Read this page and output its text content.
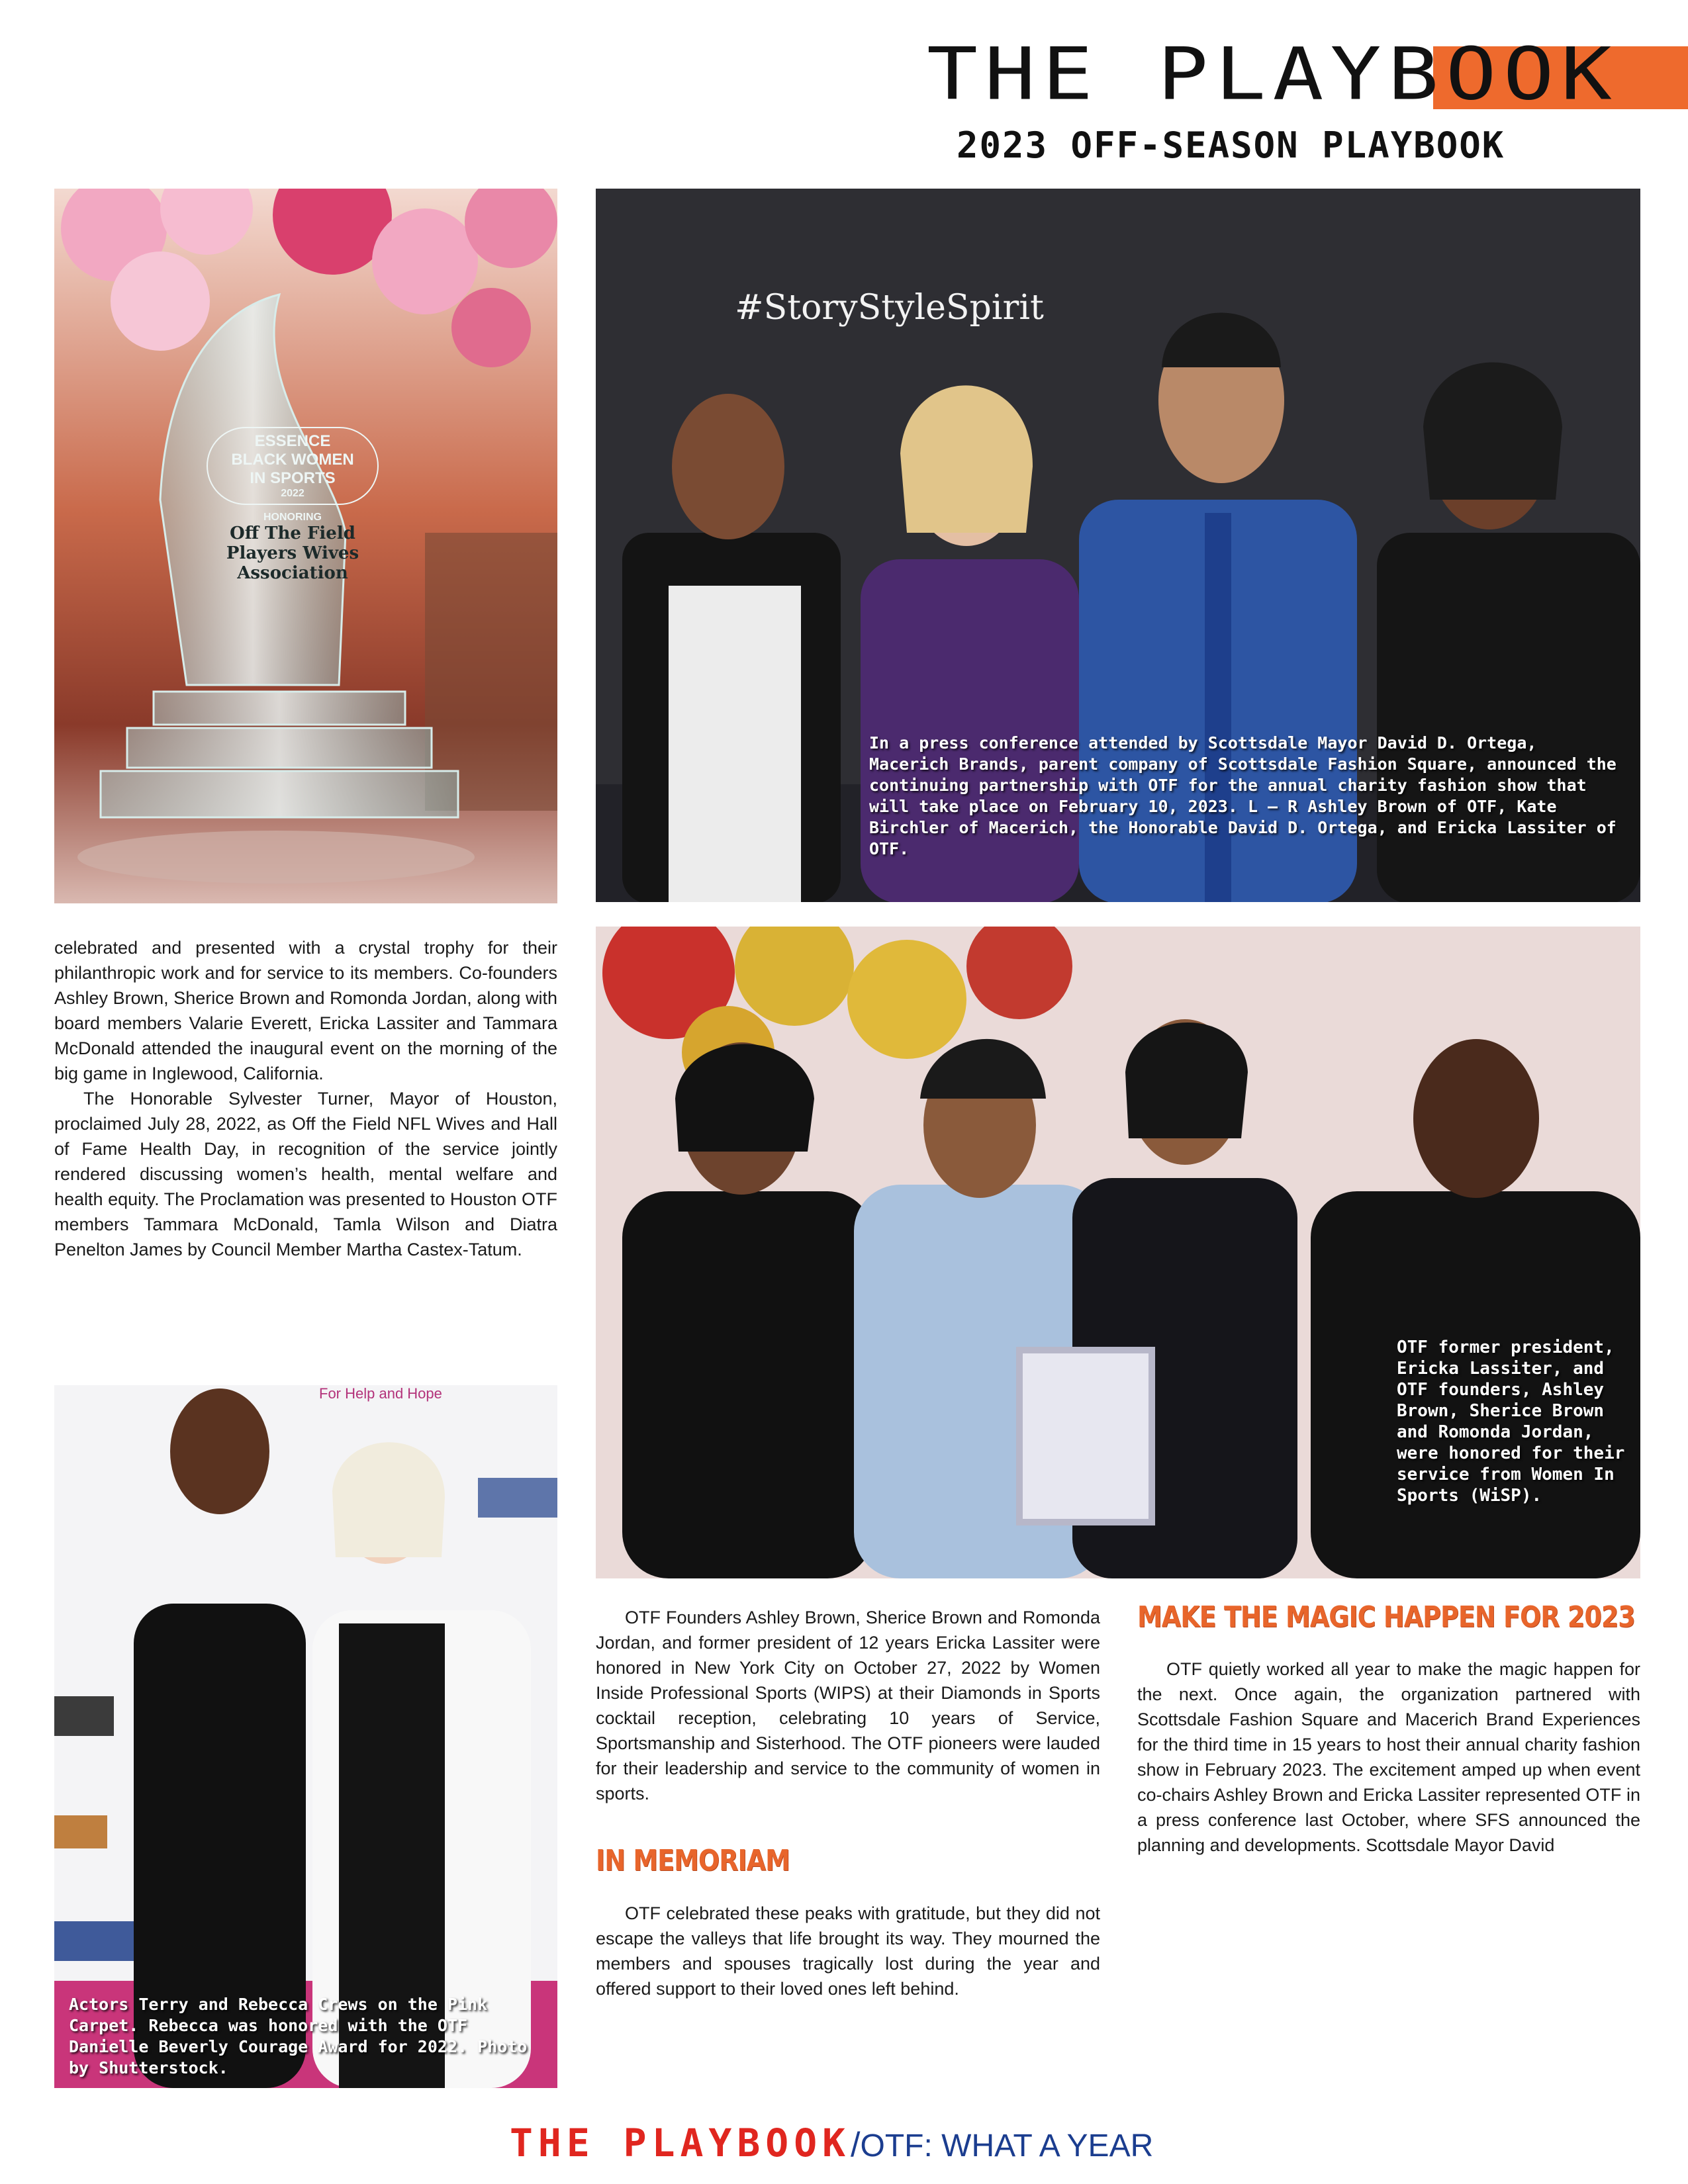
THE PLAYBOOK
2023 OFF-SEASON PLAYBOOK
ESSENCE
BLACK WOMEN
IN SPORTS
2022
HONORING
Off The Field
Players Wives
Association
#StoryStyleSpirit
In a press conference attended by Scottsdale Mayor David D. Ortega, Macerich Brands, parent company of Scottsdale Fashion Square, announced the continuing partnership with OTF for the annual charity fashion show that will take place on February 10, 2023. L – R Ashley Brown of OTF, Kate Birchler of Macerich, the Honorable David D. Ortega, and Ericka Lassiter of OTF.
OTF former president, Ericka Lassiter, and OTF founders, Ashley Brown, Sherice Brown and Romonda Jordan, were honored for their service from Women In Sports (WiSP).
For Help and Hope
Actors Terry and Rebecca Crews on the Pink Carpet. Rebecca was honored with the OTF Danielle Beverly Courage Award for 2022. Photo by Shutterstock.

celebrated and presented with a crystal trophy for their philanthropic work and for service to its members. Co-founders Ashley Brown, Sherice Brown and Romonda Jordan, along with board members Valarie Everett, Ericka Lassiter and Tammara McDonald attended the inaugural event on the morning of the big game in Inglewood, California.

The Honorable Sylvester Turner, Mayor of Houston, proclaimed July 28, 2022, as Off the Field NFL Wives and Hall of Fame Health Day, in recognition of the service jointly rendered discussing women’s health, mental welfare and health equity. The Proclamation was presented to Houston OTF members Tammara McDonald, Tamla Wilson and Diatra Penelton James by Council Member Martha Castex-Tatum.

OTF Founders Ashley Brown, Sherice Brown and Romonda Jordan, and former president of 12 years Ericka Lassiter were honored in New York City on October 27, 2022 by Women Inside Professional Sports (WIPS) at their Diamonds in Sports cocktail reception, celebrating 10 years of Service, Sportsmanship and Sisterhood. The OTF pioneers were lauded for their leadership and service to the community of women in sports.

IN MEMORIAM

OTF celebrated these peaks with gratitude, but they did not escape the valleys that life brought its way. They mourned the members and spouses tragically lost during the year and offered support to their loved ones left behind.

MAKE THE MAGIC HAPPEN FOR 2023

OTF quietly worked all year to make the magic happen for the next. Once again, the organization partnered with Scottsdale Fashion Square and Macerich Brand Experiences for the third time in 15 years to host their annual charity fashion show in February 2023. The excitement amped up when event co-chairs Ashley Brown and Ericka Lassiter represented OTF in a press conference last October, where SFS announced the planning and developments. Scottsdale Mayor David

THE PLAYBOOK/OTF: WHAT A YEAR
